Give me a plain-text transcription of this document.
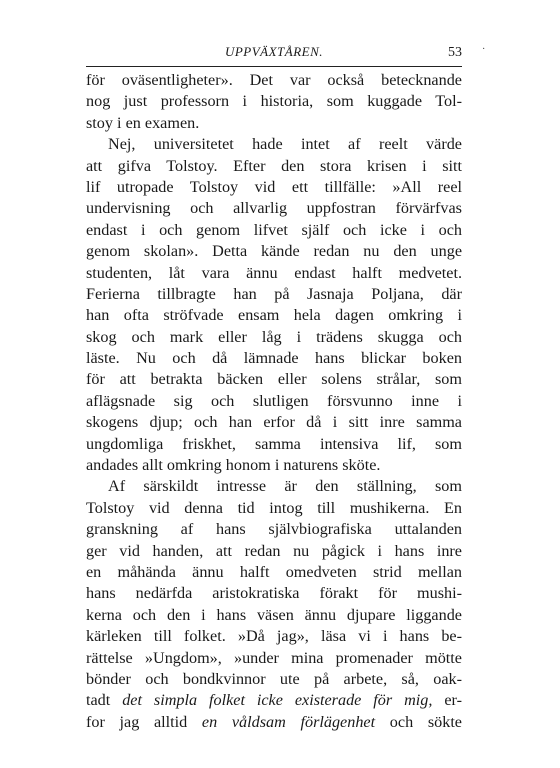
UPPVÄXTÅREN.	53 ·
för oväsentligheter». Det var också betecknande
nog just professorn i historia, som kuggade Tol-
stoy i en examen.
Nej, universitetet hade intet af reelt värde
att gifva Tolstoy. Efter den stora krisen i sitt
lif utropade Tolstoy vid ett tillfälle: »All reel
undervisning och allvarlig uppfostran förvärfvas
endast i och genom lifvet själf och icke i och
genom skolan». Detta kände redan nu den unge
studenten, låt vara ännu endast halft medvetet.
Ferierna tillbragte han på Jasnaja Poljana, där
han ofta ströfvade ensam hela dagen omkring i
skog och mark eller låg i trädens skugga och
läste. Nu och då lämnade hans blickar boken
för att betrakta bäcken eller solens strålar, som
aflägsnade sig och slutligen försvunno inne i
skogens djup; och han erfor då i sitt inre samma
ungdomliga friskhet, samma intensiva lif, som
andades allt omkring honom i naturens sköte.
Af särskildt intresse är den ställning, som
Tolstoy vid denna tid intog till mushikerna. En
granskning af hans självbiografiska uttalanden
ger vid handen, att redan nu pågick i hans inre
en måhända ännu halft omedveten strid mellan
hans nedärfda aristokratiska förakt för mushi-
kerna och den i hans väsen ännu djupare liggande
kärleken till folket. »Då jag», läsa vi i hans be-
rättelse »Ungdom», »under mina promenader mötte
bönder och bondkvinnor ute på arbete, så, oak-
tadt det simpla folket icke existerade för mig, er-
for jag alltid en våldsam förlägenhet och sökte
